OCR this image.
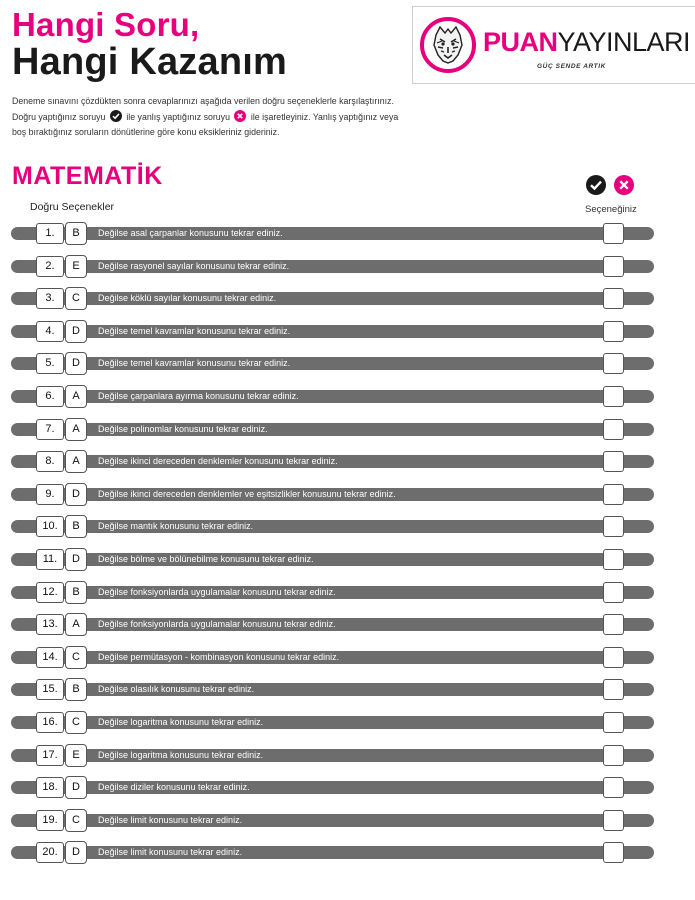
Hangi Soru,
Hangi Kazanım	PUANYAYINLARI
GÜÇ SENDE ARTIK
Deneme sınavını çözdükten sonra cevaplarınızı aşağıda verilen doğru seçeneklerle karşılaştırınız.
Doğru yaptığınız soruyu ile yanlış yaptığınız soruyu ile işaretleyiniz. Yanlış yaptığınız veya boş bıraktığınız soruların dönütlerine göre konu eksikleriniz gideriniz.
MATEMATİK

Doğru Seçenekler	Seçeneğiniz
1.	B	Değilse asal çarpanlar konusunu tekrar ediniz.
2.	E	Değilse rasyonel sayılar konusunu tekrar ediniz.
3.	C	Değilse köklü sayılar konusunu tekrar ediniz.
4.	D	Değilse temel kavramlar konusunu tekrar ediniz.
5.	D	Değilse temel kavramlar konusunu tekrar ediniz.
6.	A	Değilse çarpanlara ayırma konusunu tekrar ediniz.
7.	A	Değilse polinomlar konusunu tekrar ediniz.
8.	A	Değilse ikinci dereceden denklemler konusunu tekrar ediniz.
9.	D	Değilse ikinci dereceden denklemler ve eşitsizlikler konusunu tekrar ediniz.
10.	B	Değilse mantık konusunu tekrar ediniz.
11.	D	Değilse bölme ve bölünebilme konusunu tekrar ediniz.
12.	B	Değilse fonksiyonlarda uygulamalar konusunu tekrar ediniz.
13.	A	Değilse fonksiyonlarda uygulamalar konusunu tekrar ediniz.
14.	C	Değilse permütasyon - kombinasyon konusunu tekrar ediniz.
15.	B	Değilse olasılık konusunu tekrar ediniz.
16.	C	Değilse logaritma konusunu tekrar ediniz.
17.	E	Değilse logaritma konusunu tekrar ediniz.
18.	D	Değilse diziler konusunu tekrar ediniz.
19.	C	Değilse limit konusunu tekrar ediniz.
20.	D	Değilse limit konusunu tekrar ediniz.
